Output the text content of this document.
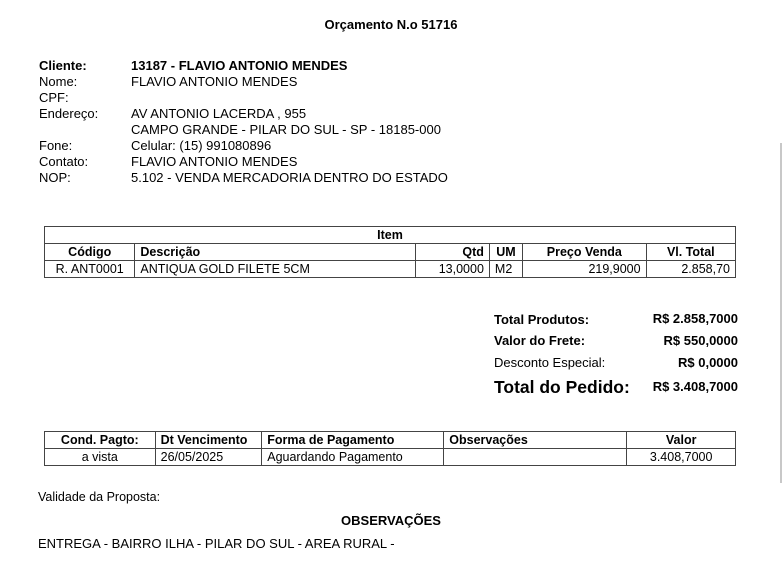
Orçamento N.o 51716
Cliente:	13187 - FLAVIO ANTONIO MENDES
Nome:	FLAVIO ANTONIO MENDES
CPF:
Endereço:	AV ANTONIO LACERDA , 955
CAMPO GRANDE - PILAR DO SUL - SP - 18185-000
Fone:	Celular: (15) 991080896
Contato:	FLAVIO ANTONIO MENDES
NOP:	5.102 - VENDA MERCADORIA DENTRO DO ESTADO
Item					
Código	Descrição	Qtd	UM	Preço Venda	Vl. Total
R. ANT0001	ANTIQUA GOLD FILETE 5CM	13,0000	M2	219,9000	2.858,70
Total Produtos:	R$ 2.858,7000
Valor do Frete:	R$ 550,0000
Desconto Especial:	R$ 0,0000
Total do Pedido: R$ 3.408,7000
Cond. Pagto:	Dt Vencimento	Forma de Pagamento	Observações	Valor
a vista	26/05/2025	Aguardando Pagamento		3.408,7000
Validade da Proposta:
OBSERVAÇÕES
ENTREGA - BAIRRO ILHA - PILAR DO SUL - AREA RURAL -
